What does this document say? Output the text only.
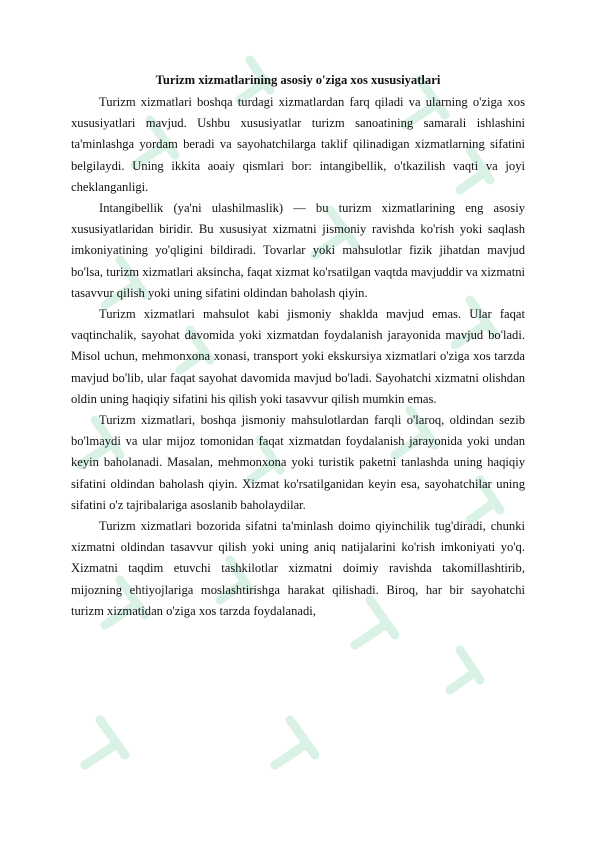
Turizm xizmatlarining asosiy o'ziga xos xususiyatlari

Turizm xizmatlari boshqa turdagi xizmatlardan farq qiladi va ularning o'ziga xos xususiyatlari mavjud. Ushbu xususiyatlar turizm sanoatining samarali ishlashini ta'minlashga yordam beradi va sayohatchilarga taklif qilinadigan xizmatlarning sifatini belgilaydi. Uning ikkita aoaiy qismlari bor: intangibellik, o'tkazilish vaqti va joyi cheklanganligi.

Intangibellik (ya'ni ulashilmaslik) — bu turizm xizmatlarining eng asosiy xususiyatlaridan biridir. Bu xususiyat xizmatni jismoniy ravishda ko'rish yoki saqlash imkoniyatining yo'qligini bildiradi. Tovarlar yoki mahsulotlar fizik jihatdan mavjud bo'lsa, turizm xizmatlari aksincha, faqat xizmat ko'rsatilgan vaqtda mavjuddir va xizmatni tasavvur qilish yoki uning sifatini oldindan baholash qiyin.

Turizm xizmatlari mahsulot kabi jismoniy shaklda mavjud emas. Ular faqat vaqtinchalik, sayohat davomida yoki xizmatdan foydalanish jarayonida mavjud bo'ladi. Misol uchun, mehmonxona xonasi, transport yoki ekskursiya xizmatlari o'ziga xos tarzda mavjud bo'lib, ular faqat sayohat davomida mavjud bo'ladi. Sayohatchi xizmatni olishdan oldin uning haqiqiy sifatini his qilish yoki tasavvur qilish mumkin emas.

Turizm xizmatlari, boshqa jismoniy mahsulotlardan farqli o'laroq, oldindan sezib bo'lmaydi va ular mijoz tomonidan faqat xizmatdan foydalanish jarayonida yoki undan keyin baholanadi. Masalan, mehmonxona yoki turistik paketni tanlashda uning haqiqiy sifatini oldindan baholash qiyin. Xizmat ko'rsatilganidan keyin esa, sayohatchilar uning sifatini o'z tajribalariga asoslanib baholaydilar.

Turizm xizmatlari bozorida sifatni ta'minlash doimo qiyinchilik tug'diradi, chunki xizmatni oldindan tasavvur qilish yoki uning aniq natijalarini ko'rish imkoniyati yo'q. Xizmatni taqdim etuvchi tashkilotlar xizmatni doimiy ravishda takomillashtirib, mijozning ehtiyojlariga moslashtirishga harakat qilishadi. Biroq, har bir sayohatchi turizm xizmatidan o'ziga xos tarzda foydalanadi,
